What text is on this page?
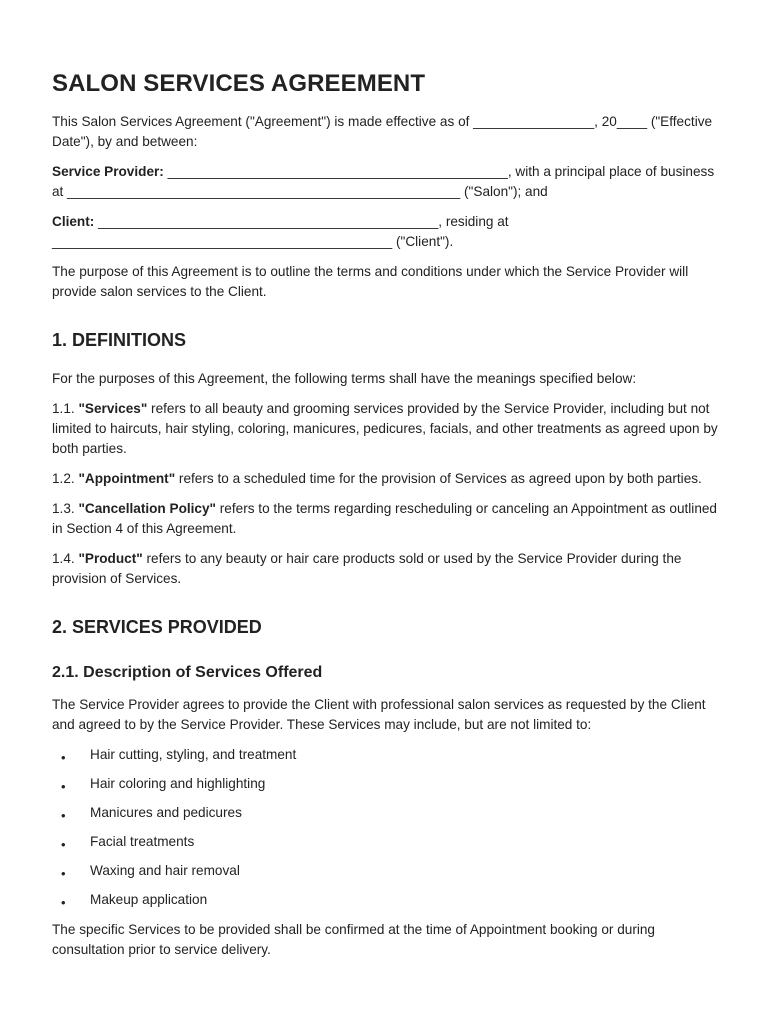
SALON SERVICES AGREEMENT

This Salon Services Agreement ("Agreement") is made effective as of ________________, 20____ ("Effective Date"), by and between:

Service Provider: _____________________________________________, with a principal place of business at ____________________________________________________ ("Salon"); and

Client: _____________________________________________, residing at _____________________________________________ ("Client").

The purpose of this Agreement is to outline the terms and conditions under which the Service Provider will provide salon services to the Client.

1. DEFINITIONS

For the purposes of this Agreement, the following terms shall have the meanings specified below:

1.1. "Services" refers to all beauty and grooming services provided by the Service Provider, including but not limited to haircuts, hair styling, coloring, manicures, pedicures, facials, and other treatments as agreed upon by both parties.

1.2. "Appointment" refers to a scheduled time for the provision of Services as agreed upon by both parties.

1.3. "Cancellation Policy" refers to the terms regarding rescheduling or canceling an Appointment as outlined in Section 4 of this Agreement.

1.4. "Product" refers to any beauty or hair care products sold or used by the Service Provider during the provision of Services.

2. SERVICES PROVIDED
2.1. Description of Services Offered

The Service Provider agrees to provide the Client with professional salon services as requested by the Client and agreed to by the Service Provider. These Services may include, but are not limited to:

• Hair cutting, styling, and treatment
• Hair coloring and highlighting
• Manicures and pedicures
• Facial treatments
• Waxing and hair removal
• Makeup application

The specific Services to be provided shall be confirmed at the time of Appointment booking or during consultation prior to service delivery.
